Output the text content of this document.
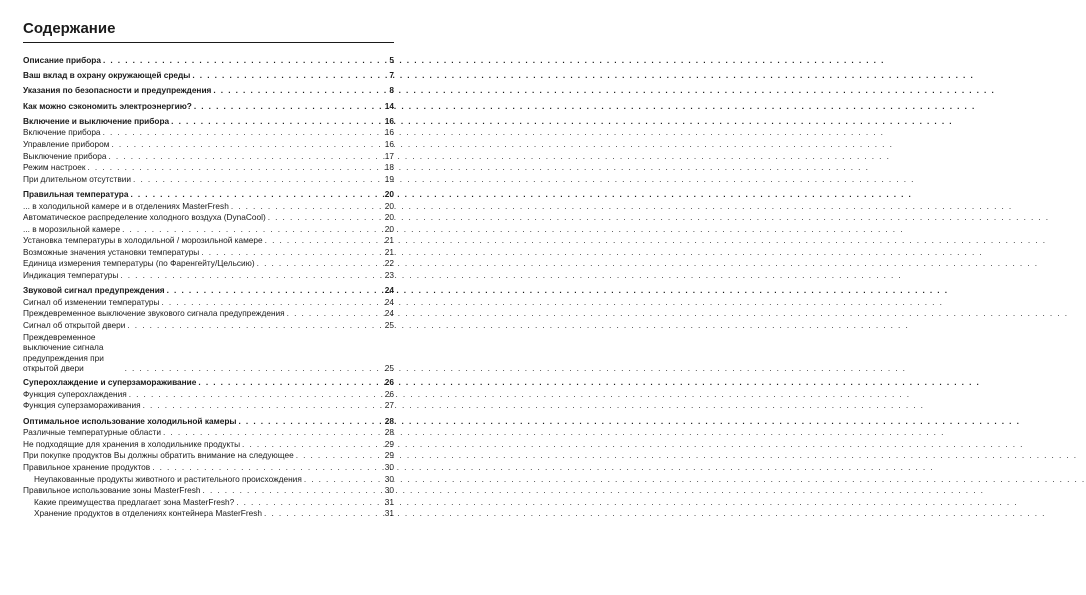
Содержание
Описание прибора . . .	5
Ваш вклад в охрану окружающей среды . . .	7
Указания по безопасности и предупреждения . . .	8
Как можно сэкономить электроэнергию? . . .	14
Включение и выключение прибора . . .	16
Включение прибора . . .	16
Управление прибором . . .	16
Выключение прибора . . .	17
Режим настроек . . .	18
При длительном отсутствии . . .	19
Правильная температура . . .	20
... в холодильной камере и в отделениях MasterFresh . . .	20
Автоматическое распределение холодного воздуха (DynaCool) . . .	20
... в морозильной камере . . .	20
Установка температуры в холодильной / морозильной камере . . .	21
Возможные значения установки температуры . . .	21
Единица измерения температуры (по Фаренгейту/Цельсию) . . .	22
Индикация температуры . . .	23
Звуковой сигнал предупреждения . . .	24
Сигнал об изменении температуры . . .	24
Преждевременное выключение звукового сигнала предупреждения . . .	24
Сигнал об открытой двери . . .	25
Преждевременное выключение сигнала предупреждения при открытой двери . . .	25
Суперохлаждение и суперзамораживание . . .	26
Функция суперохлаждения . . .	26
Функция суперзамораживания . . .	27
Оптимальное использование холодильной камеры . . .	28
Различные температурные области . . .	28
Не подходящие для хранения в холодильнике продукты . . .	29
При покупке продуктов Вы должны обратить внимание на следующее . . .	29
Правильное хранение продуктов . . .	30
Неупакованные продукты животного и растительного происхождения . . .	30
Правильное использование зоны MasterFresh . . .	30
Какие преимущества предлагает зона MasterFresh? . . .	31
Хранение продуктов в отделениях контейнера MasterFresh . . .	31
